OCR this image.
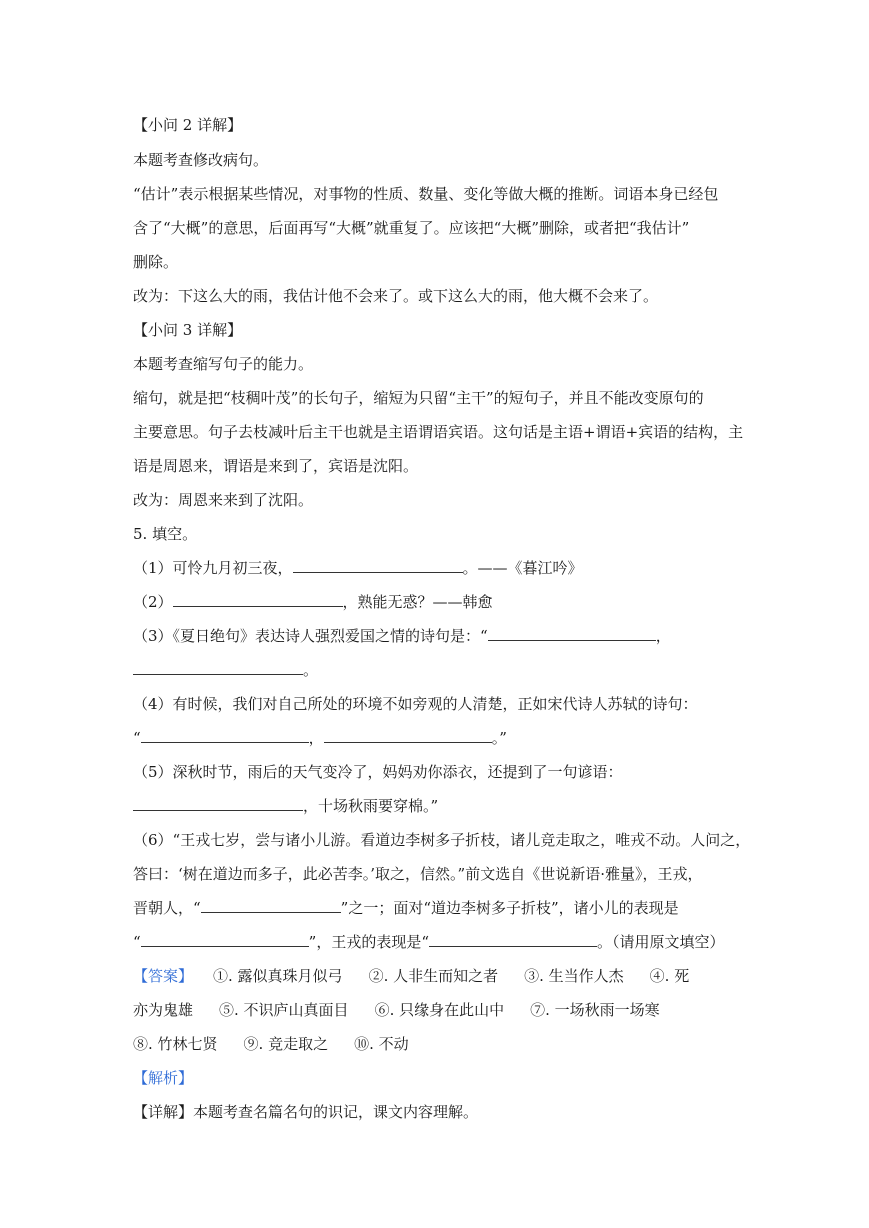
【小问 2 详解】
本题考查修改病句。
“估计”表示根据某些情况，对事物的性质、数量、变化等做大概的推断。词语本身已经包
含了“大概”的意思，后面再写“大概”就重复了。应该把“大概”删除，或者把“我估计”
删除。
改为：下这么大的雨，我估计他不会来了。或下这么大的雨，他大概不会来了。
【小问 3 详解】
本题考查缩写句子的能力。
缩句，就是把“枝稠叶茂”的长句子，缩短为只留“主干”的短句子，并且不能改变原句的
主要意思。句子去枝减叶后主干也就是主语谓语宾语。这句话是主语+谓语+宾语的结构，主
语是周恩来，谓语是来到了，宾语是沈阳。
改为：周恩来来到了沈阳。
5. 填空。
（1）可怜九月初三夜，	。——《暮江吟》
（2）	，熟能无惑？——韩愈
（3）《夏日绝句》表达诗人强烈爱国之情的诗句是：“	，
。
（4）有时候，我们对自己所处的环境不如旁观的人清楚，正如宋代诗人苏轼的诗句：
“	，	。”
（5）深秋时节，雨后的天气变冷了，妈妈劝你添衣，还提到了一句谚语：
，十场秋雨要穿棉。”
（6）“王戎七岁，尝与诸小儿游。看道边李树多子折枝，诸儿竞走取之，唯戎不动。人问之，
答曰：‘树在道边而多子，此必苦李。’取之，信然。”前文选自《世说新语·雅量》，王戎，
晋朝人，“	”之一；面对“道边李树多子折枝”，诸小儿的表现是
“	”，王戎的表现是“	。（请用原文填空）
【答案】 ①. 露似真珠月似弓 ②. 人非生而知之者 ③. 生当作人杰 ④. 死
亦为鬼雄 ⑤. 不识庐山真面目 ⑥. 只缘身在此山中 ⑦. 一场秋雨一场寒
⑧. 竹林七贤 ⑨. 竞走取之 ⑩. 不动
【解析】
【详解】本题考查名篇名句的识记，课文内容理解。
